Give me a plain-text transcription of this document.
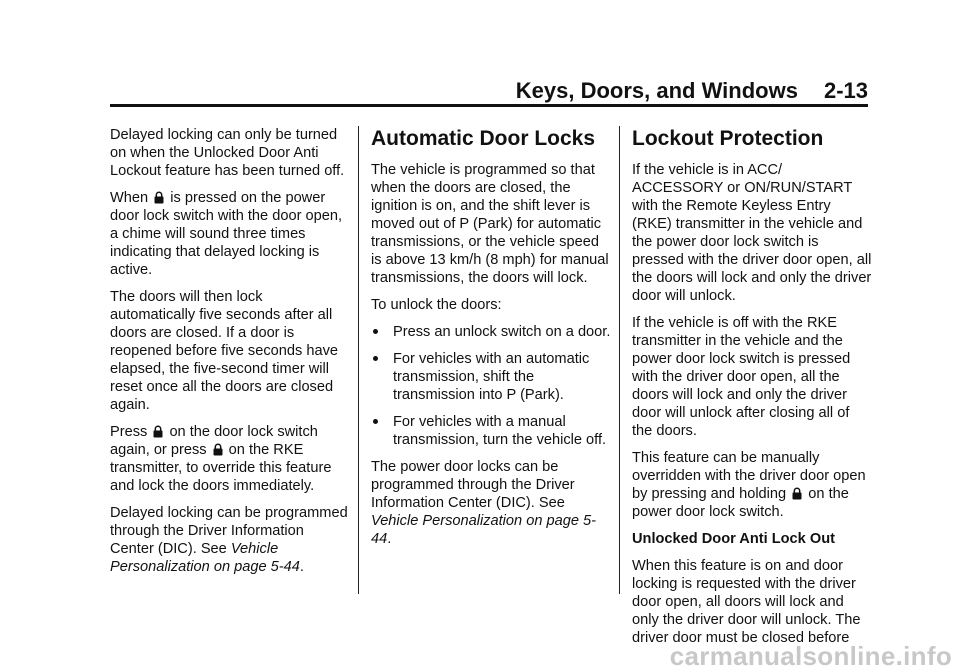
Keys, Doors, and Windows 2-13

Delayed locking can only be turned on when the Unlocked Door Anti Lockout feature has been turned off.

When is pressed on the power door lock switch with the door open, a chime will sound three times indicating that delayed locking is active.

The doors will then lock automatically five seconds after all doors are closed. If a door is reopened before five seconds have elapsed, the five-second timer will reset once all the doors are closed again.

Press on the door lock switch again, or press on the RKE transmitter, to override this feature and lock the doors immediately.

Delayed locking can be programmed through the Driver Information Center (DIC). See Vehicle Personalization on page 5-44.

Automatic Door Locks

The vehicle is programmed so that when the doors are closed, the ignition is on, and the shift lever is moved out of P (Park) for automatic transmissions, or the vehicle speed is above 13 km/h (8 mph) for manual transmissions, the doors will lock.

To unlock the doors:

Press an unlock switch on a door.
For vehicles with an automatic transmission, shift the transmission into P (Park).
For vehicles with a manual transmission, turn the vehicle off.

The power door locks can be programmed through the Driver Information Center (DIC). See Vehicle Personalization on page 5-44.

Lockout Protection

If the vehicle is in ACC/ ACCESSORY or ON/RUN/START with the Remote Keyless Entry (RKE) transmitter in the vehicle and the power door lock switch is pressed with the driver door open, all the doors will lock and only the driver door will unlock.

If the vehicle is off with the RKE transmitter in the vehicle and the power door lock switch is pressed with the driver door open, all the doors will lock and only the driver door will unlock after closing all of the doors.

This feature can be manually overridden with the driver door open by pressing and holding on the power door lock switch.

Unlocked Door Anti Lock Out

When this feature is on and door locking is requested with the driver door open, all doors will lock and only the driver door will unlock. The driver door must be closed before

carmanualsonline.info
